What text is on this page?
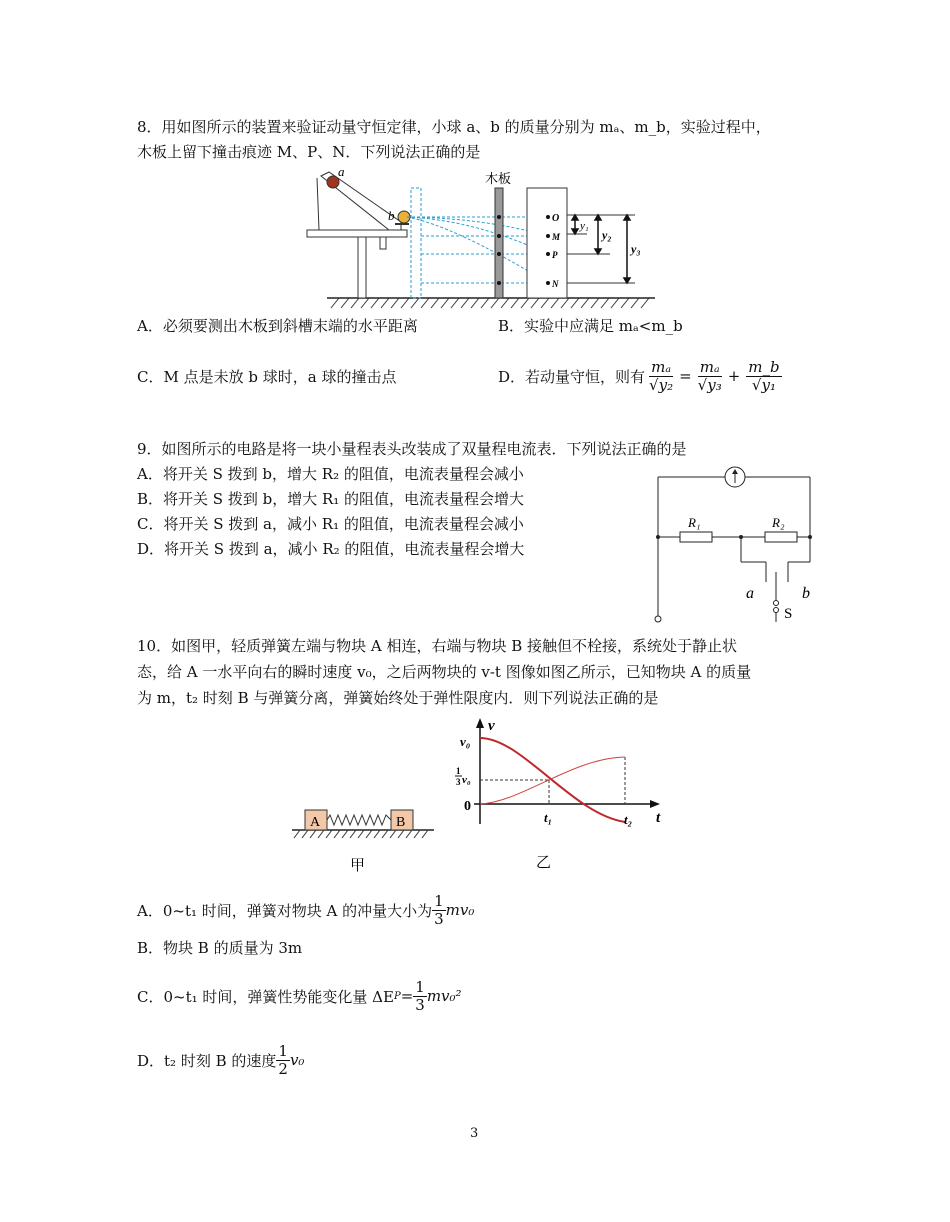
8．用如图所示的装置来验证动量守恒定律，小球 a、b 的质量分别为 mₐ、m_b，实验过程中，
木板上留下撞击痕迹 M、P、N．下列说法正确的是
a
b
木板
O
M
P
N
y₁
y₂
y₃
A．必须要测出木板到斜槽末端的水平距离	B．实验中应满足 mₐ<m_b
C．M 点是未放 b 球时，a 球的撞击点	D．若动量守恒，则有 $\frac{\text{mₐ}}{\text{√y₂}} = \frac{\text{mₐ}}{\text{√y₃}} + \frac{m\_b}{\text{√y₁}}$
9．如图所示的电路是将一块小量程表头改装成了双量程电流表．下列说法正确的是
A．将开关 S 拨到 b，增大 R₂ 的阻值，电流表量程会减小
B．将开关 S 拨到 b，增大 R₁ 的阻值，电流表量程会增大
C．将开关 S 拨到 a，减小 R₁ 的阻值，电流表量程会减小
D．将开关 S 拨到 a，减小 R₂ 的阻值，电流表量程会增大
R₁	R₂
a	b
S
10．如图甲，轻质弹簧左端与物块 A 相连，右端与物块 B 接触但不栓接，系统处于静止状
态，给 A 一水平向右的瞬时速度 v₀，之后两物块的 v-t 图像如图乙所示，已知物块 A 的质量
为 m，t₂ 时刻 B 与弹簧分离，弹簧始终处于弹性限度内．则下列说法正确的是
A	B
甲
v
t
v₀
1
3 v₀
0
t₁	t₂
乙
A．0~t₁ 时间，弹簧对物块 A 的冲量大小为 $\frac{1}{3} mv_0$
B．物块 B 的质量为 3m
C．0~t₁ 时间，弹簧性势能变化量 ΔE $P = \frac{1}{3} mv_0^2$
D．t₂ 时刻 B 的速度 $\frac{1}{2} v_0$
3
